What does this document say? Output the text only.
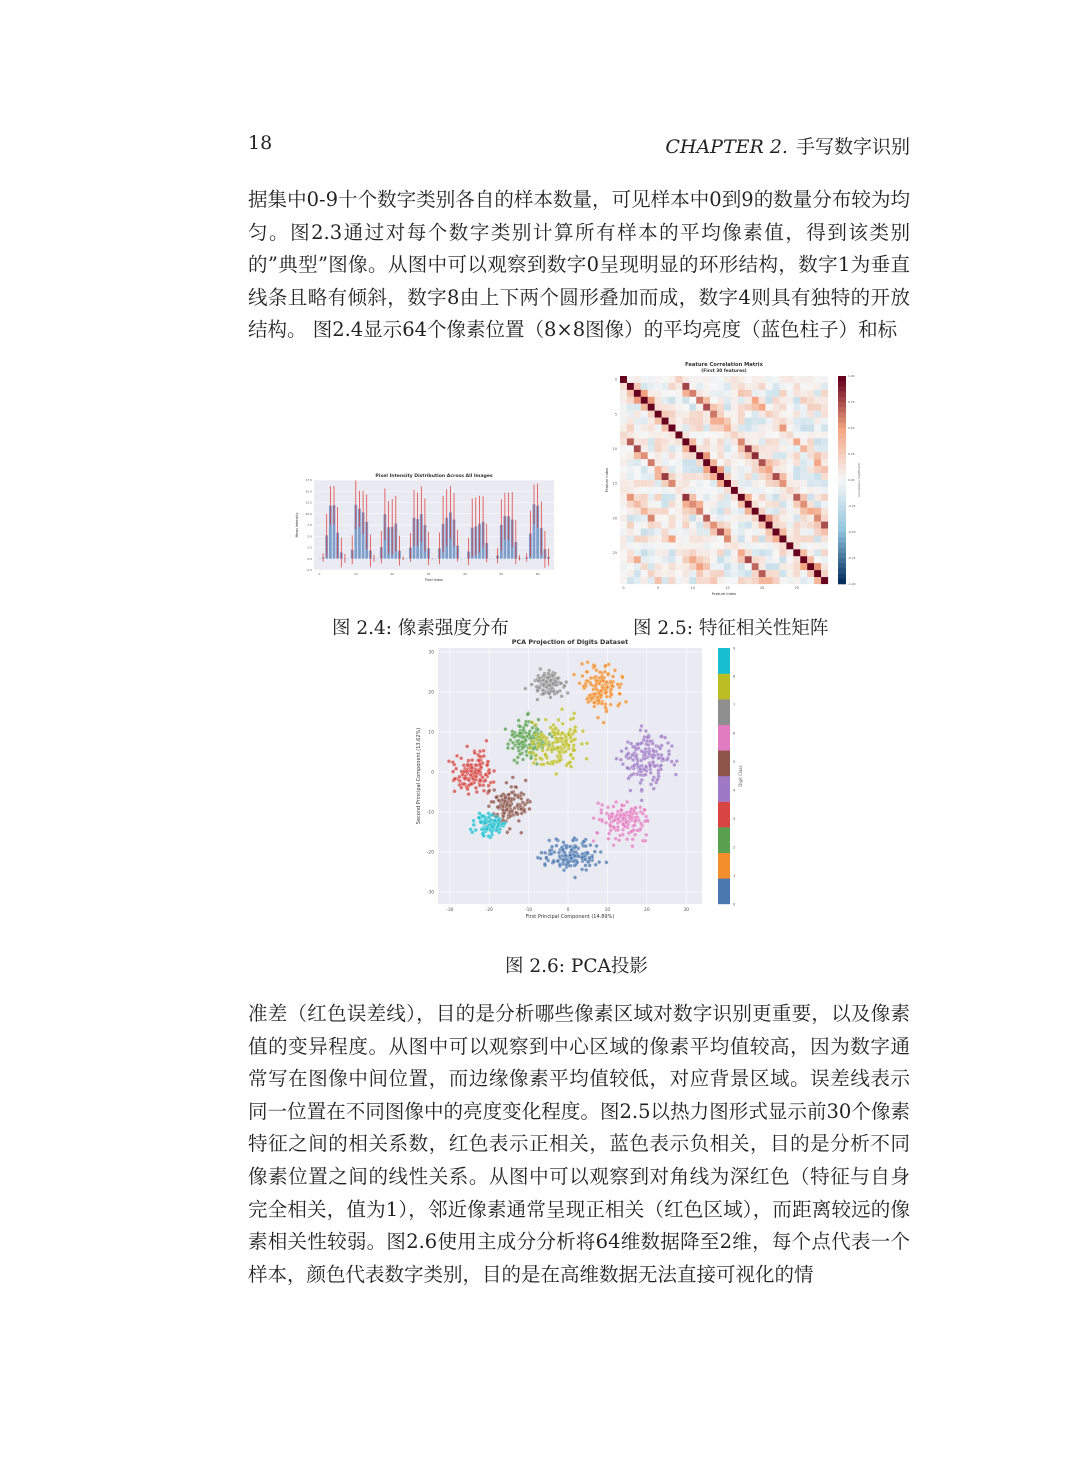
18	CHAPTER 2. 手写数字识别
据集中0-9十个数字类别各自的样本数量，可见样本中0到9的数量分布较为均匀。图2.3通过对每个数字类别计算所有样本的平均像素值，得到该类别的”典型”图像。从图中可以观察到数字0呈现明显的环形结构，数字1为垂直线条且略有倾斜，数字8由上下两个圆形叠加而成，数字4则具有独特的开放结构。 图2.4显示64个像素位置（8×8图像）的平均亮度（蓝色柱子）和标
Pixel Intensity Distribution Across All Images
-2.5
0.0
2.5
5.0
7.5
10.0
12.5
15.0
17.5
0	10	20	30	40	50	60
Pixel Index
Mean Intensity
Feature Correlation Matrix
(First 30 features)
0	5	10	15	20	25
0
5
10
15
20
25
Feature Index
Feature Index
1.00
0.75
0.50
0.25
0.00
-0.25
-0.50
-0.75
-1.00
Correlation Coefficient
图 2.4: 像素强度分布	图 2.5: 特征相关性矩阵
PCA Projection of Digits Dataset
-30	-20	-10	0	10	20	30
-30
-20
-10
0
10
20
30
First Principal Component (14.89%)
Second Principal Component (13.62%)
0
1
2
3
4
5
6
7
8
9
Digit Class
图 2.6: PCA投影
准差（红色误差线），目的是分析哪些像素区域对数字识别更重要，以及像素值的变异程度。从图中可以观察到中心区域的像素平均值较高，因为数字通常写在图像中间位置，而边缘像素平均值较低，对应背景区域。误差线表示同一位置在不同图像中的亮度变化程度。图2.5以热力图形式显示前30个像素特征之间的相关系数，红色表示正相关，蓝色表示负相关，目的是分析不同像素位置之间的线性关系。从图中可以观察到对角线为深红色（特征与自身完全相关，值为1），邻近像素通常呈现正相关（红色区域），而距离较远的像素相关性较弱。图2.6使用主成分分析将64维数据降至2维，每个点代表一个样本，颜色代表数字类别，目的是在高维数据无法直接可视化的情
